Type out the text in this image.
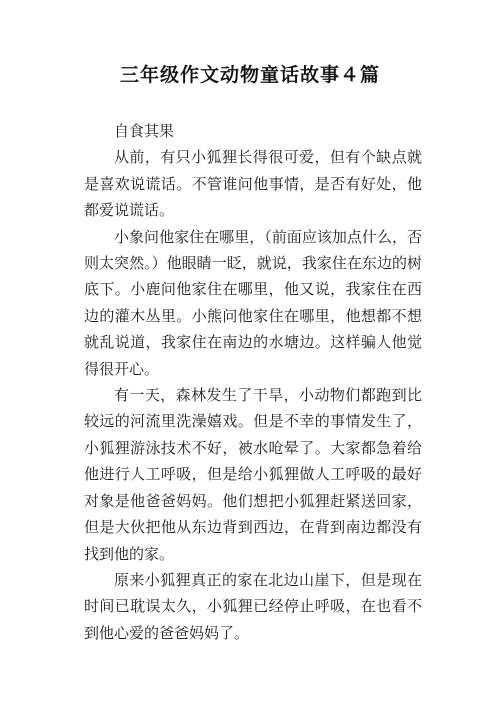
三年级作文动物童话故事４篇

自食其果

从前，有只小狐狸长得很可爱，但有个缺点就是喜欢说谎话。不管谁问他事情，是否有好处，他都爱说谎话。

小象问他家住在哪里，（前面应该加点什么，否则太突然。）他眼睛一眨，就说，我家住在东边的树底下。小鹿问他家住在哪里，他又说，我家住在西边的灌木丛里。小熊问他家住在哪里，他想都不想就乱说道，我家住在南边的水塘边。这样骗人他觉得很开心。

有一天，森林发生了干旱，小动物们都跑到比较远的河流里洗澡嬉戏。但是不幸的事情发生了，小狐狸游泳技术不好，被水呛晕了。大家都急着给他进行人工呼吸，但是给小狐狸做人工呼吸的最好对象是他爸爸妈妈。他们想把小狐狸赶紧送回家，但是大伙把他从东边背到西边，在背到南边都没有找到他的家。

原来小狐狸真正的家在北边山崖下，但是现在时间已耽误太久，小狐狸已经停止呼吸，在也看不到他心爱的爸爸妈妈了。
